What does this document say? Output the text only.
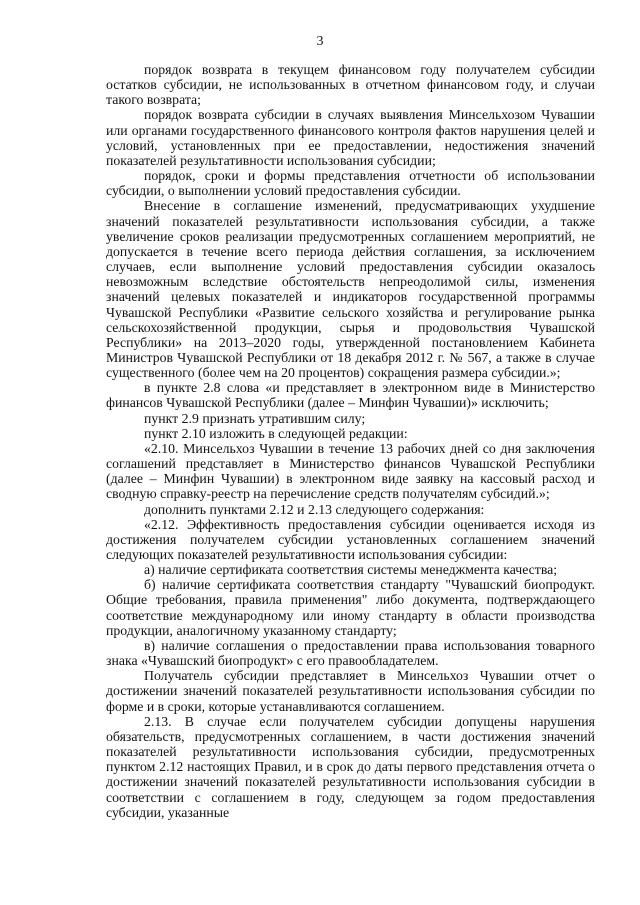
3

порядок возврата в текущем финансовом году получателем субсидии остатков субсидии, не использованных в отчетном финансовом году, и случаи такого возврата;

порядок возврата субсидии в случаях выявления Минсельхозом Чувашии или органами государственного финансового контроля фактов нарушения целей и условий, установленных при ее предоставлении, недостижения значений показателей результативности использования субсидии;

порядок, сроки и формы представления отчетности об использовании субсидии, о выполнении условий предоставления субсидии.

Внесение в соглашение изменений, предусматривающих ухудшение значений показателей результативности использования субсидии, а также увеличение сроков реализации предусмотренных соглашением мероприятий, не допускается в течение всего периода действия соглашения, за исключением случаев, если выполнение условий предоставления субсидии оказалось невозможным вследствие обстоятельств непреодолимой силы, изменения значений целевых показателей и индикаторов государственной программы Чувашской Республики «Развитие сельского хозяйства и регулирование рынка сельскохозяйственной продукции, сырья и продовольствия Чувашской Республики» на 2013–2020 годы, утвержденной постановлением Кабинета Министров Чувашской Республики от 18 декабря 2012 г. № 567, а также в случае существенного (более чем на 20 процентов) сокращения размера субсидии.»;

в пункте 2.8 слова «и представляет в электронном виде в Министерство финансов Чувашской Республики (далее – Минфин Чувашии)» исключить;

пункт 2.9 признать утратившим силу;

пункт 2.10 изложить в следующей редакции:

«2.10. Минсельхоз Чувашии в течение 13 рабочих дней со дня заключения соглашений представляет в Министерство финансов Чувашской Республики (далее – Минфин Чувашии) в электронном виде заявку на кассовый расход и сводную справку-реестр на перечисление средств получателям субсидий.»;

дополнить пунктами 2.12 и 2.13 следующего содержания:

«2.12. Эффективность предоставления субсидии оценивается исходя из достижения получателем субсидии установленных соглашением значений следующих показателей результативности использования субсидии:

а) наличие сертификата соответствия системы менеджмента качества;

б) наличие сертификата соответствия стандарту "Чувашский биопродукт. Общие требования, правила применения" либо документа, подтверждающего соответствие международному или иному стандарту в области производства продукции, аналогичному указанному стандарту;

в) наличие соглашения о предоставлении права использования товарного знака «Чувашский биопродукт» с его правообладателем.

Получатель субсидии представляет в Минсельхоз Чувашии отчет о достижении значений показателей результативности использования субсидии по форме и в сроки, которые устанавливаются соглашением.

2.13. В случае если получателем субсидии допущены нарушения обязательств, предусмотренных соглашением, в части достижения значений показателей результативности использования субсидии, предусмотренных пунктом 2.12 настоящих Правил, и в срок до даты первого представления отчета о достижении значений показателей результативности использования субсидии в соответствии с соглашением в году, следующем за годом предоставления субсидии, указанные
